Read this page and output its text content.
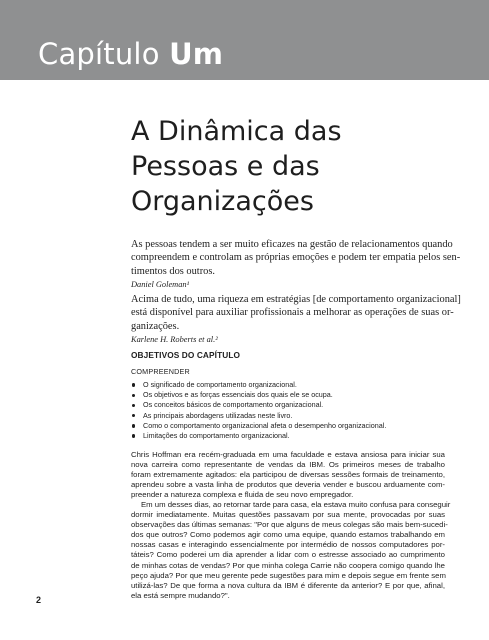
Capítulo Um
A Dinâmica das
Pessoas e das
Organizações
As pessoas tendem a ser muito eficazes na gestão de relacionamentos quando
compreendem e controlam as próprias emoções e podem ter empatia pelos sen-
timentos dos outros.
Daniel Goleman¹
Acima de tudo, uma riqueza em estratégias [de comportamento organizacional]
está disponível para auxiliar profissionais a melhorar as operações de suas or-
ganizações.
Karlene H. Roberts et al.²
OBJETIVOS DO CAPÍTULO
COMPREENDER
O significado de comportamento organizacional.
Os objetivos e as forças essenciais dos quais ele se ocupa.
Os conceitos básicos de comportamento organizacional.
As principais abordagens utilizadas neste livro.
Como o comportamento organizacional afeta o desempenho organizacional.
Limitações do comportamento organizacional.
Chris Hoffman era recém-graduada em uma faculdade e estava ansiosa para iniciar sua
nova carreira como representante de vendas da IBM. Os primeiros meses de trabalho
foram extremamente agitados: ela participou de diversas sessões formais de treinamento,
aprendeu sobre a vasta linha de produtos que deveria vender e buscou arduamente com-
preender a natureza complexa e fluida de seu novo empregador.
Em um desses dias, ao retornar tarde para casa, ela estava muito confusa para conseguir
dormir imediatamente. Muitas questões passavam por sua mente, provocadas por suas
observações das últimas semanas: "Por que alguns de meus colegas são mais bem-sucedi-
dos que outros? Como podemos agir como uma equipe, quando estamos trabalhando em
nossas casas e interagindo essencialmente por intermédio de nossos computadores por-
táteis? Como poderei um dia aprender a lidar com o estresse associado ao cumprimento
de minhas cotas de vendas? Por que minha colega Carrie não coopera comigo quando lhe
peço ajuda? Por que meu gerente pede sugestões para mim e depois segue em frente sem
utilizá-las? De que forma a nova cultura da IBM é diferente da anterior? E por que, afinal,
ela está sempre mudando?".
2
